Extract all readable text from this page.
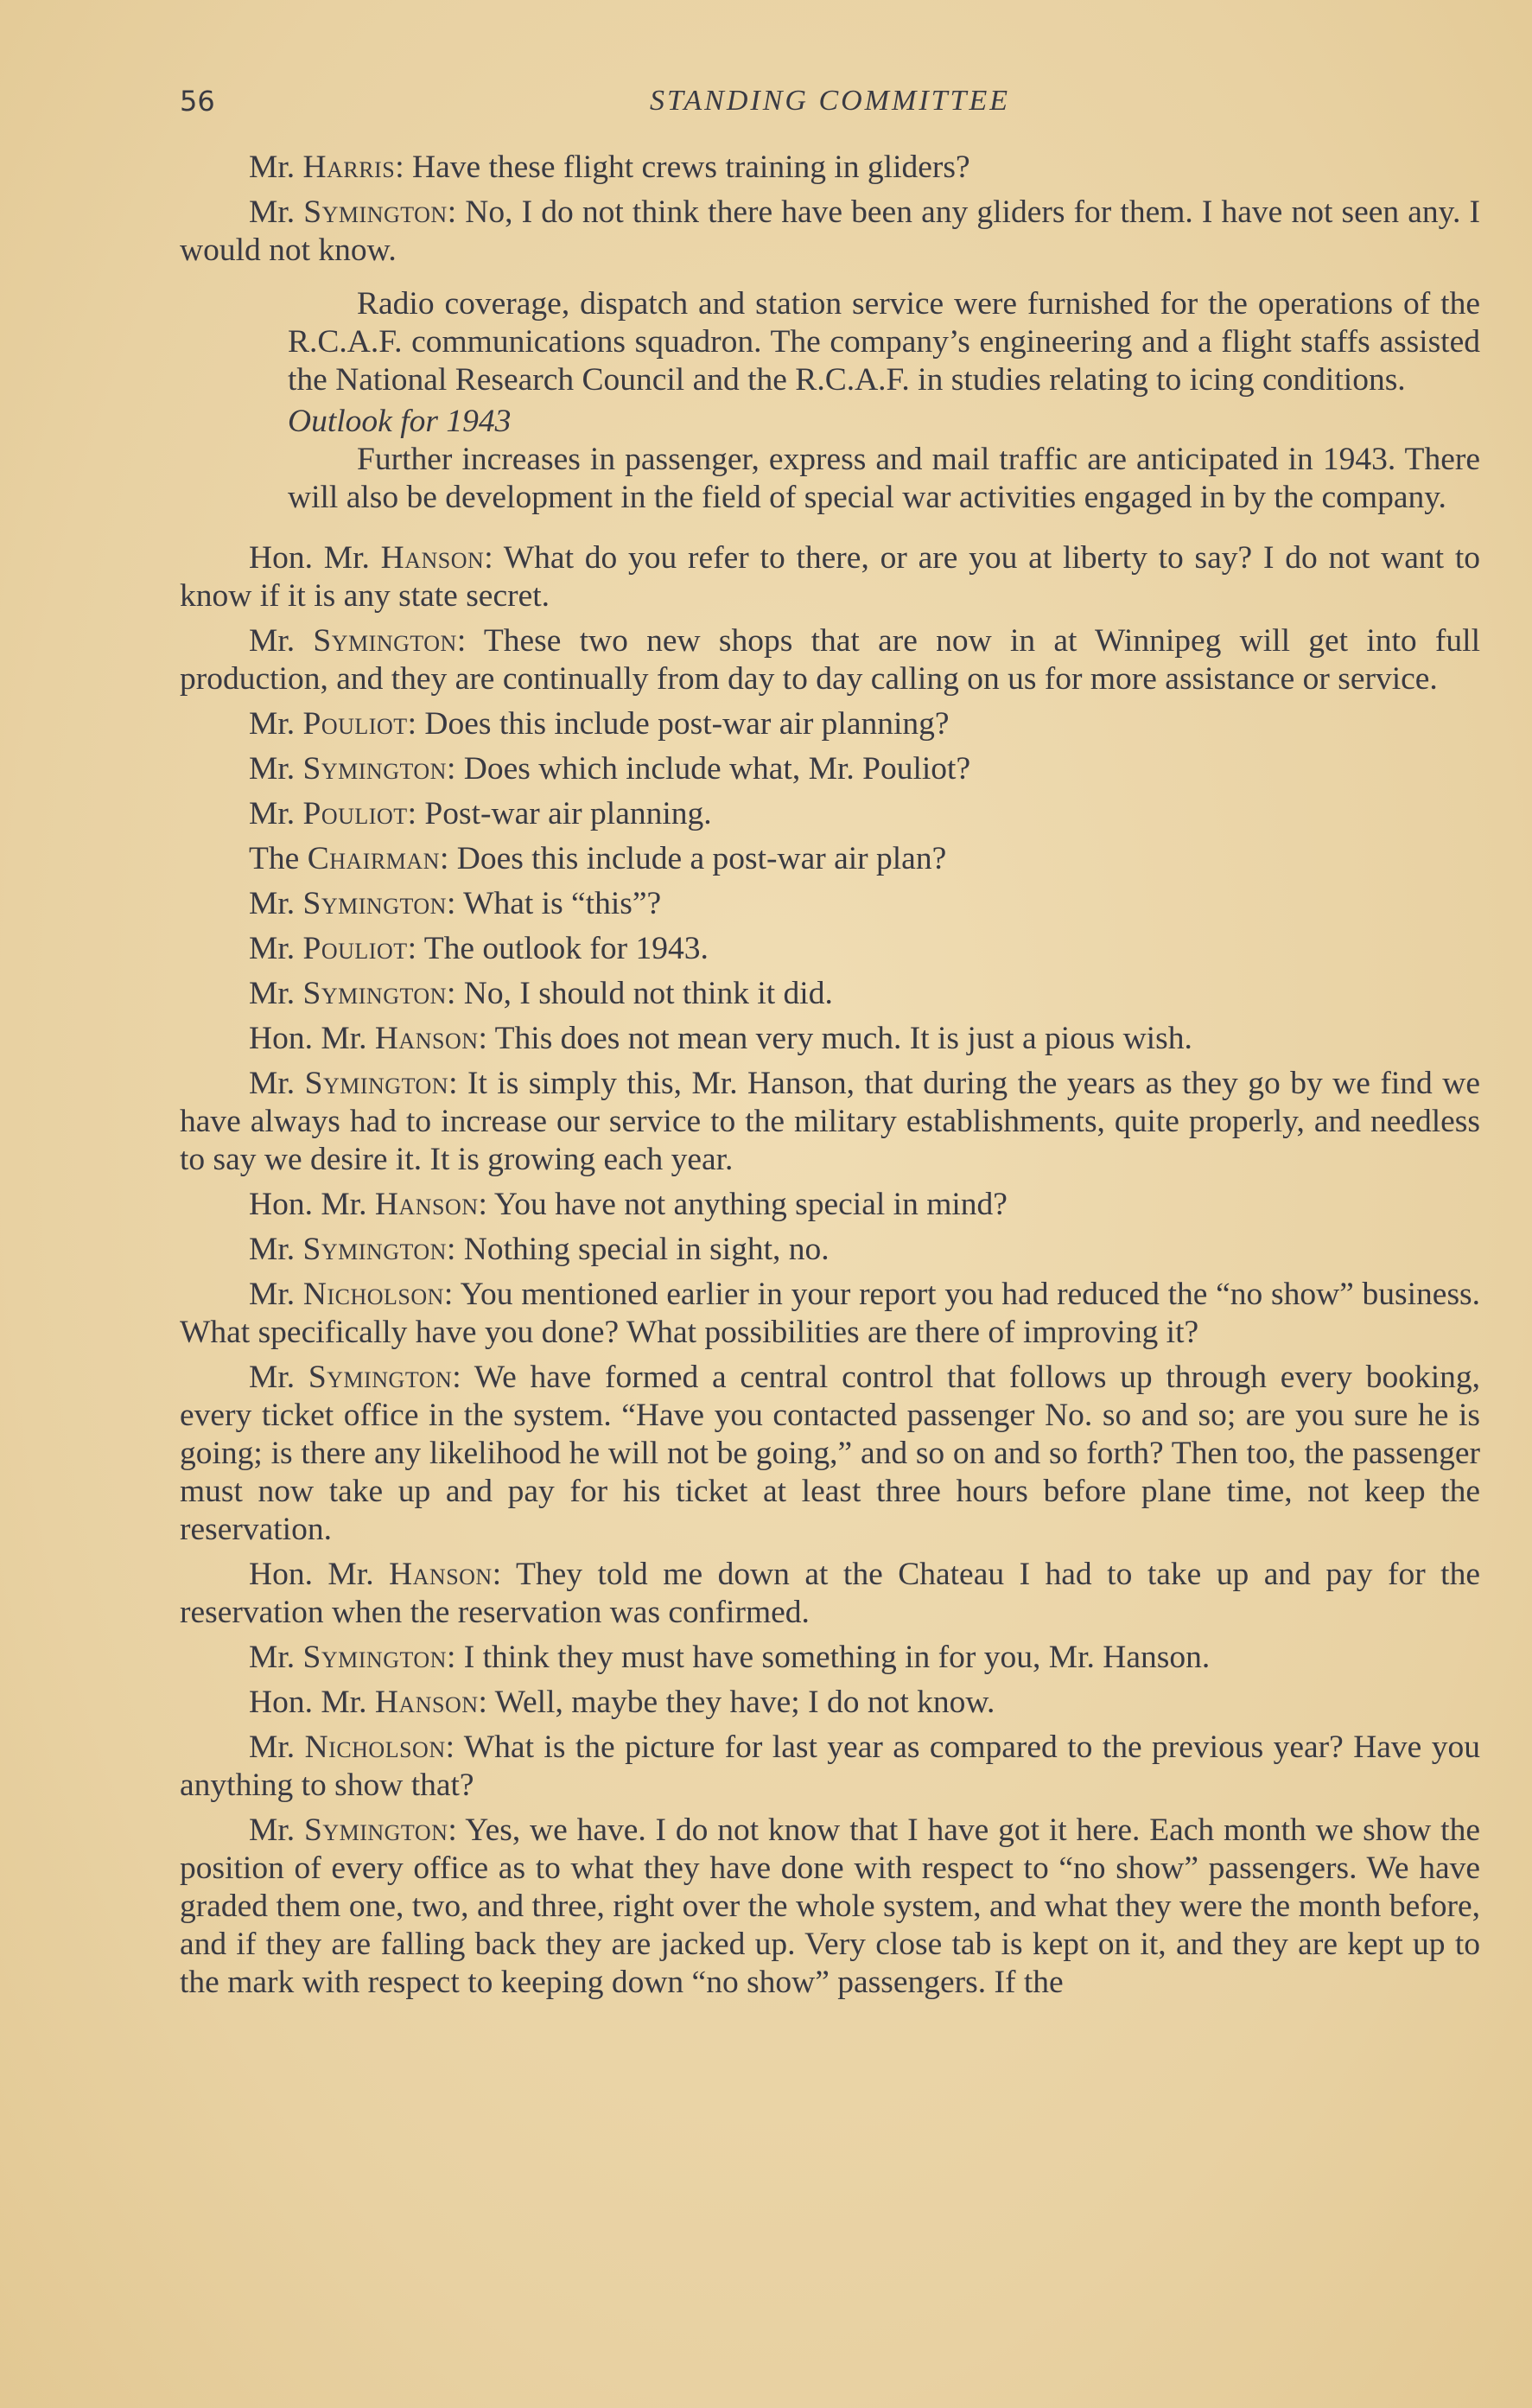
56	STANDING COMMITTEE

Mr. Harris: Have these flight crews training in gliders?

Mr. Symington: No, I do not think there have been any gliders for them. I have not seen any. I would not know.

Radio coverage, dispatch and station service were furnished for the operations of the R.C.A.F. communications squadron. The company’s engineering and a flight staffs assisted the National Research Council and the R.C.A.F. in studies relating to icing conditions.

Outlook for 1943

Further increases in passenger, express and mail traffic are anticipated in 1943. There will also be development in the field of special war activities engaged in by the company.

Hon. Mr. Hanson: What do you refer to there, or are you at liberty to say? I do not want to know if it is any state secret.

Mr. Symington: These two new shops that are now in at Winnipeg will get into full production, and they are continually from day to day calling on us for more assistance or service.

Mr. Pouliot: Does this include post-war air planning?

Mr. Symington: Does which include what, Mr. Pouliot?

Mr. Pouliot: Post-war air planning.

The Chairman: Does this include a post-war air plan?

Mr. Symington: What is “this”?

Mr. Pouliot: The outlook for 1943.

Mr. Symington: No, I should not think it did.

Hon. Mr. Hanson: This does not mean very much. It is just a pious wish.

Mr. Symington: It is simply this, Mr. Hanson, that during the years as they go by we find we have always had to increase our service to the military establishments, quite properly, and needless to say we desire it. It is growing each year.

Hon. Mr. Hanson: You have not anything special in mind?

Mr. Symington: Nothing special in sight, no.

Mr. Nicholson: You mentioned earlier in your report you had reduced the “no show” business. What specifically have you done? What possibilities are there of improving it?

Mr. Symington: We have formed a central control that follows up through every booking, every ticket office in the system. “Have you contacted passenger No. so and so; are you sure he is going; is there any likelihood he will not be going,” and so on and so forth? Then too, the passenger must now take up and pay for his ticket at least three hours before plane time, not keep the reservation.

Hon. Mr. Hanson: They told me down at the Chateau I had to take up and pay for the reservation when the reservation was confirmed.

Mr. Symington: I think they must have something in for you, Mr. Hanson.

Hon. Mr. Hanson: Well, maybe they have; I do not know.

Mr. Nicholson: What is the picture for last year as compared to the previous year? Have you anything to show that?

Mr. Symington: Yes, we have. I do not know that I have got it here. Each month we show the position of every office as to what they have done with respect to “no show” passengers. We have graded them one, two, and three, right over the whole system, and what they were the month before, and if they are falling back they are jacked up. Very close tab is kept on it, and they are kept up to the mark with respect to keeping down “no show” passengers. If the
